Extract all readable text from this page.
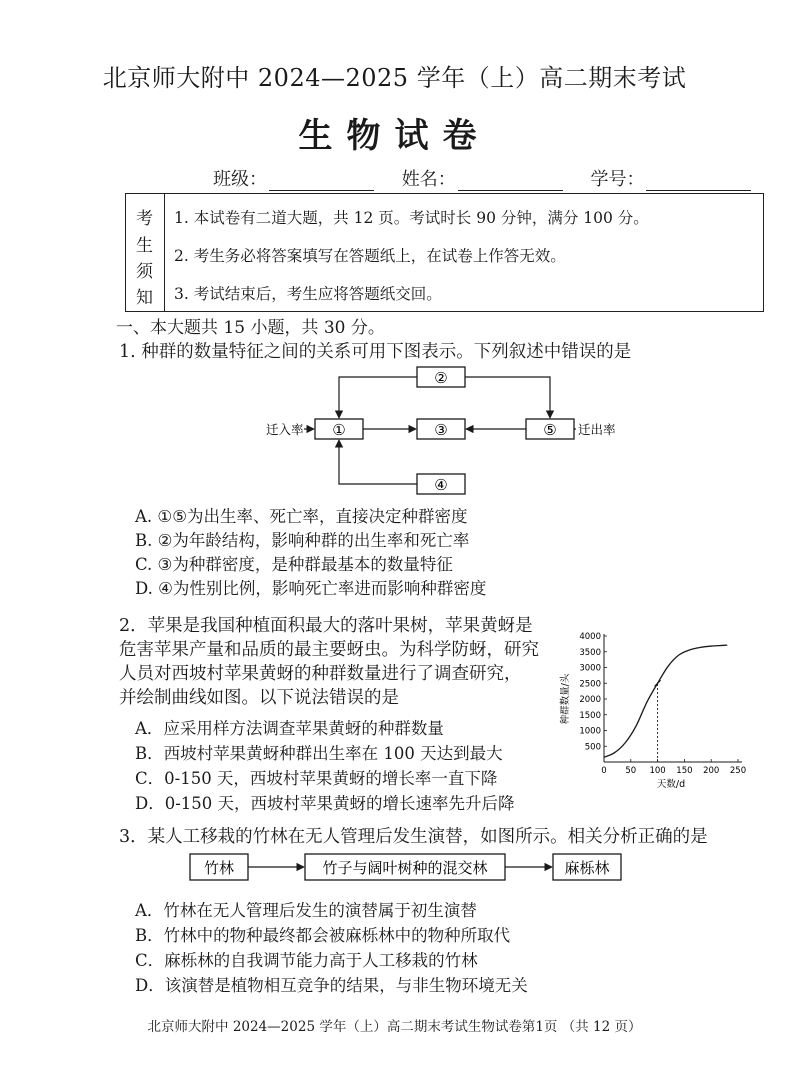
北京师大附中 2024—2025 学年（上）高二期末考试
生物试卷
班级：	姓名：	学号：
考
生
须
知
1. 本试卷有二道大题，共 12 页。考试时长 90 分钟，满分 100 分。
2. 考生务必将答案填写在答题纸上，在试卷上作答无效。
3. 考试结束后，考生应将答题纸交回。
一、本大题共 15 小题，共 30 分。
1. 种群的数量特征之间的关系可用下图表示。下列叙述中错误的是
②
①	③	⑤
④
迁入率	迁出率
A. ①⑤为出生率、死亡率，直接决定种群密度
B. ②为年龄结构，影响种群的出生率和死亡率
C. ③为种群密度，是种群最基本的数量特征
D. ④为性别比例，影响死亡率进而影响种群密度
2．苹果是我国种植面积最大的落叶果树，苹果黄蚜是
危害苹果产量和品质的最主要蚜虫。为科学防蚜，研究
人员对西坡村苹果黄蚜的种群数量进行了调查研究，
并绘制曲线如图。以下说法错误的是
A．应采用样方法调查苹果黄蚜的种群数量
B．西坡村苹果黄蚜种群出生率在 100 天达到最大
C．0-150 天，西坡村苹果黄蚜的增长率一直下降
D．0-150 天，西坡村苹果黄蚜的增长速率先升后降
500
1000
1500
2000
2500
3000
3500
4000
0 50 100 150 200 250
天数/d
种群数量/头
3．某人工移栽的竹林在无人管理后发生演替，如图所示。相关分析正确的是
竹林	竹子与阔叶树种的混交林	麻栎林
A．竹林在无人管理后发生的演替属于初生演替
B．竹林中的物种最终都会被麻栎林中的物种所取代
C．麻栎林的自我调节能力高于人工移栽的竹林
D．该演替是植物相互竞争的结果，与非生物环境无关
北京师大附中 2024—2025 学年（上）高二期末考试生物试卷第1页 （共 12 页）
